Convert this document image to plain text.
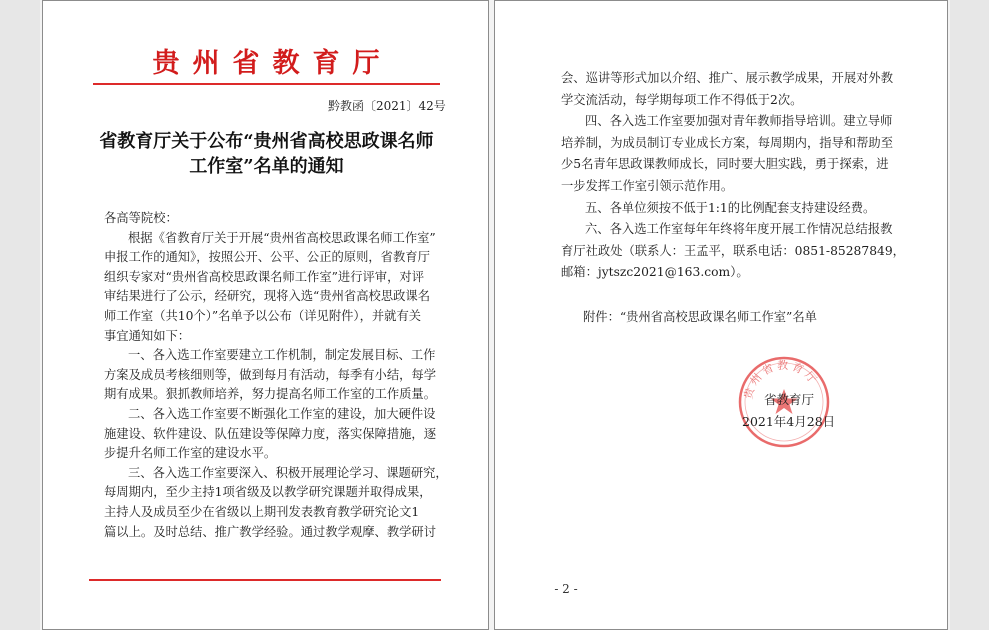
贵州省教育厅

黔教函〔2021〕42号

省教育厅关于公布“贵州省高校思政课名师
工作室”名单的通知
各高等院校：
根据《省教育厅关于开展“贵州省高校思政课名师工作室”
申报工作的通知》，按照公开、公平、公正的原则，省教育厅
组织专家对“贵州省高校思政课名师工作室”进行评审，对评
审结果进行了公示，经研究，现将入选“贵州省高校思政课名
师工作室（共10个）”名单予以公布（详见附件），并就有关
事宜通知如下：
一、各入选工作室要建立工作机制，制定发展目标、工作
方案及成员考核细则等，做到每月有活动，每季有小结，每学
期有成果。狠抓教师培养，努力提高名师工作室的工作质量。
二、各入选工作室要不断强化工作室的建设，加大硬件设
施建设、软件建设、队伍建设等保障力度，落实保障措施，逐
步提升名师工作室的建设水平。
三、各入选工作室要深入、积极开展理论学习、课题研究，
每周期内，至少主持1项省级及以教学研究课题并取得成果，
主持人及成员至少在省级以上期刊发表教育教学研究论文1
篇以上。及时总结、推广教学经验。通过教学观摩、教学研讨
会、巡讲等形式加以介绍、推广、展示教学成果，开展对外教学交流活动，每学期每项工作不得低于2次。四、各入选工作室要加强对青年教师指导培训。建立导师培养制，为成员制订专业成长方案，每周期内，指导和帮助至少5名青年思政课教师成长，同时要大胆实践，勇于探索，进一步发挥工作室引领示范作用。五、各单位须按不低于1:1的比例配套支持建设经费。六、各入选工作室每年年终将年度开展工作情况总结报教育厅社政处（联系人：王孟平，联系电话：0851-85287849，邮箱：jytszc2021@163.com）。

附件：“贵州省高校思政课名师工作室”名单

贵州省教育厅

省教育厅

2021年4月28日

- 2 -
